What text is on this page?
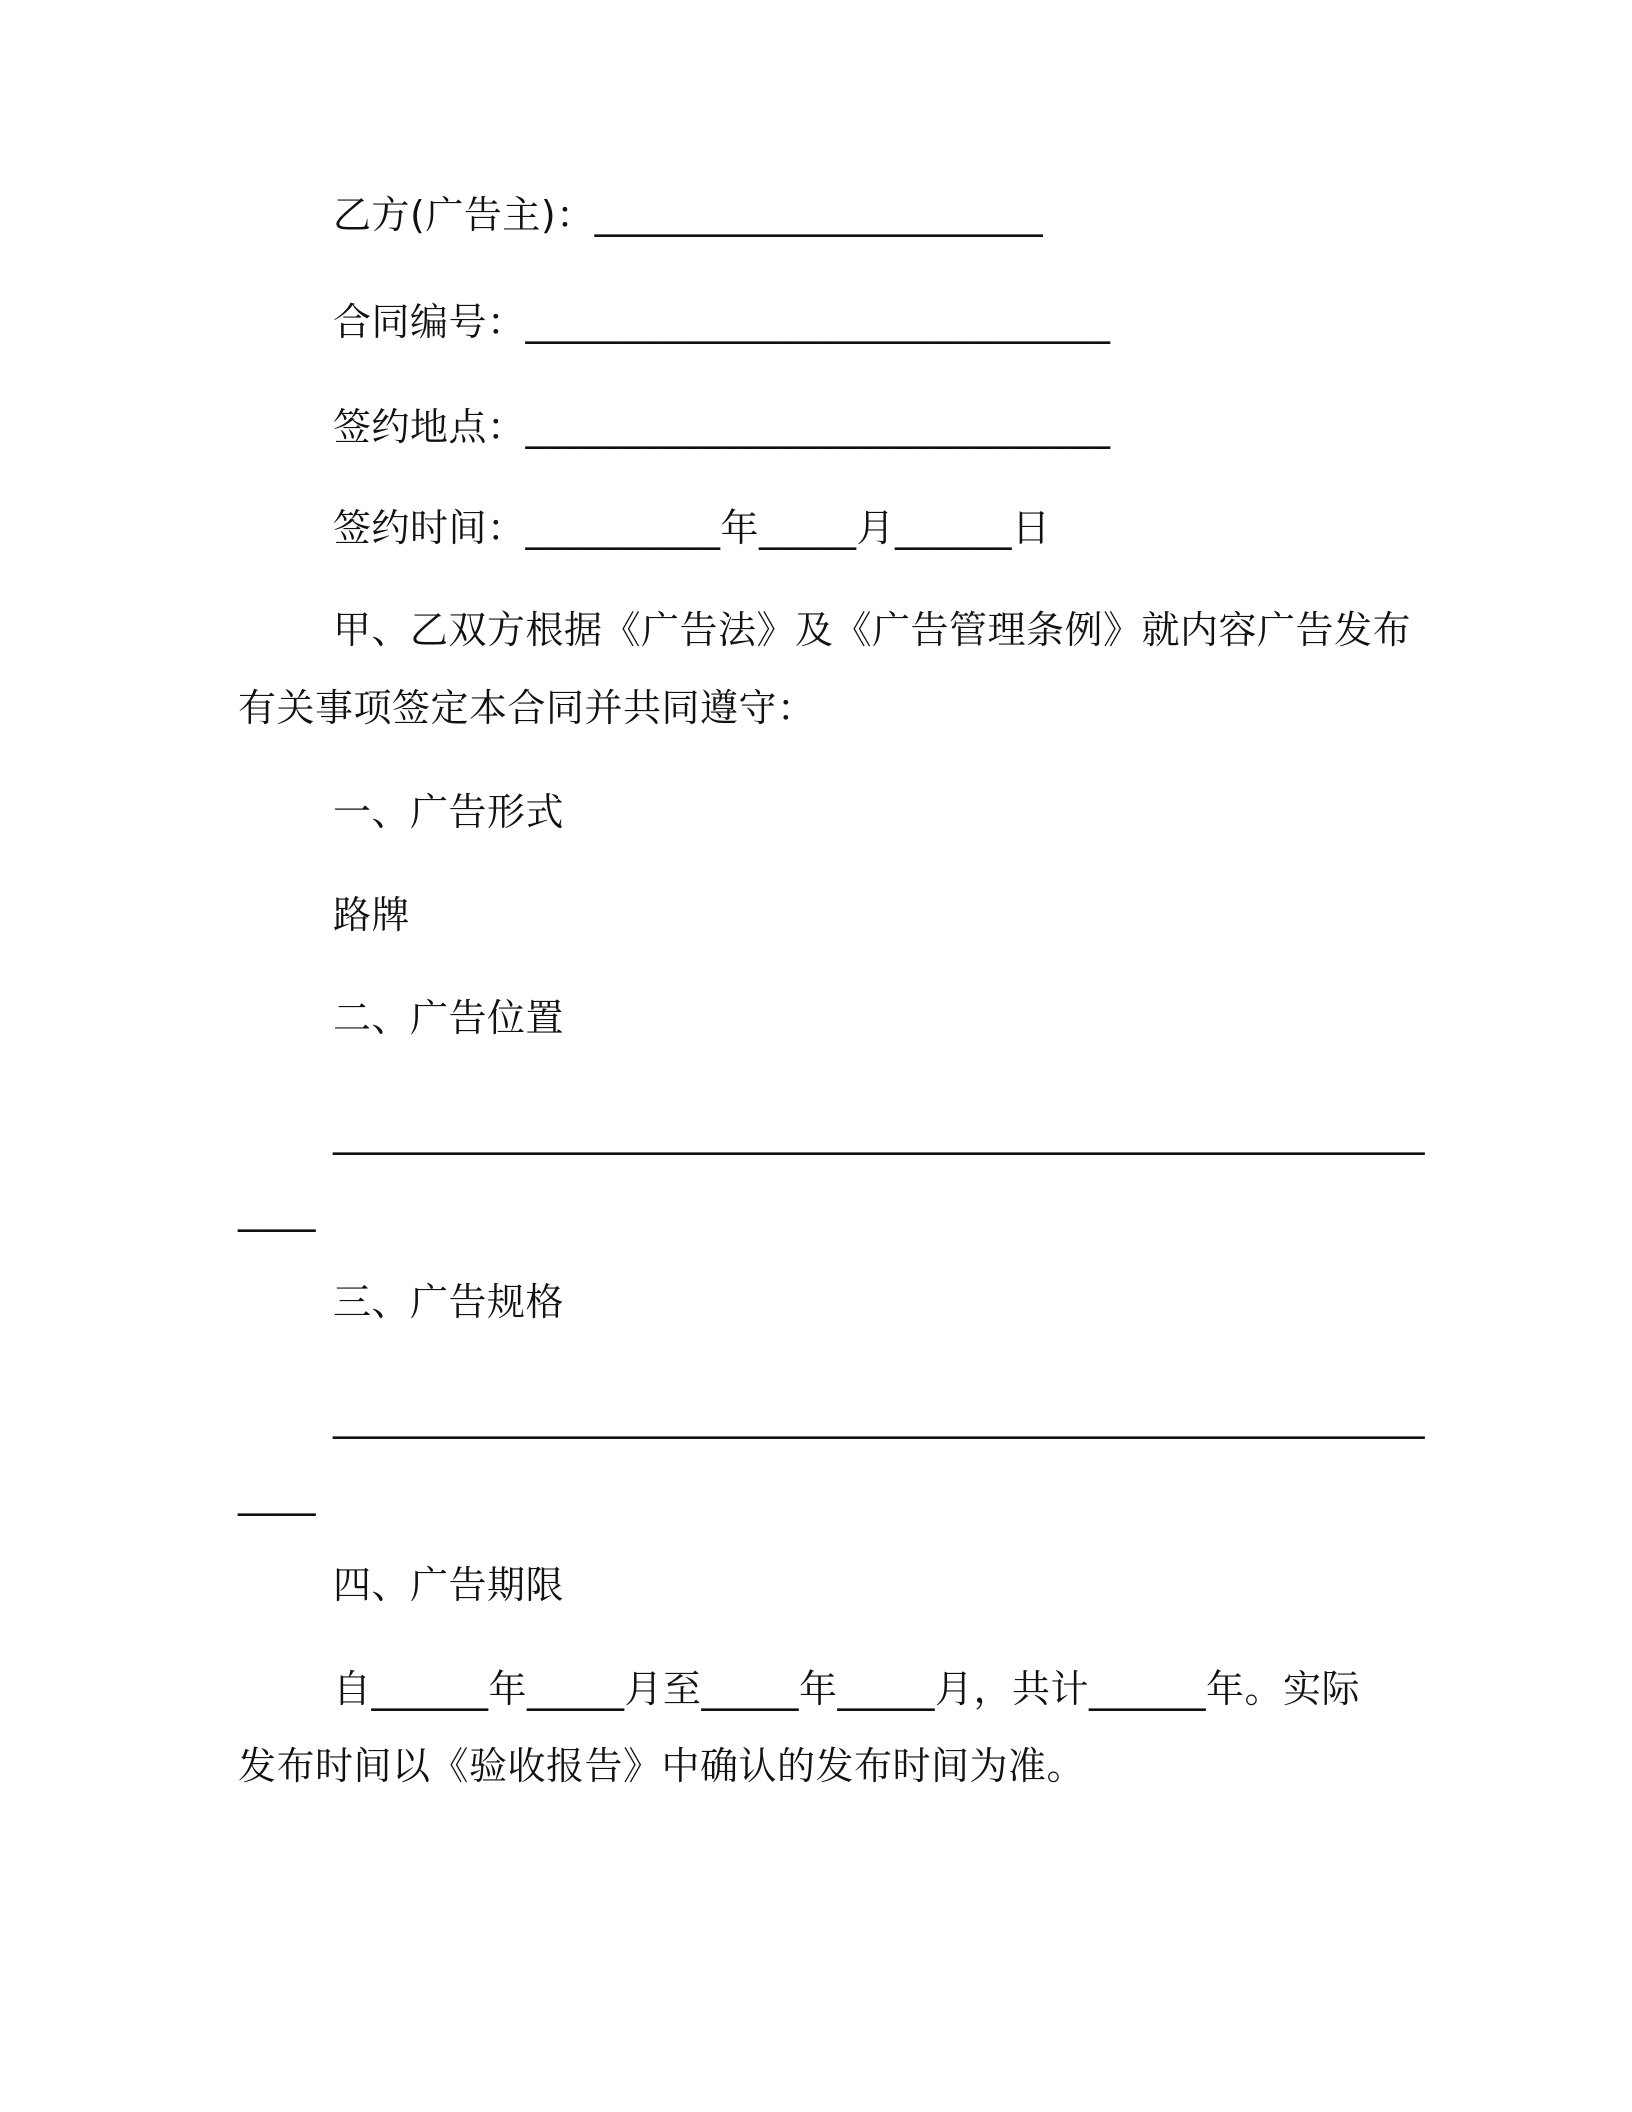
乙方(广告主)：_______________________
合同编号：______________________________
签约地点：______________________________
签约时间：__________年_____月______日
甲、乙双方根据《广告法》及《广告管理条例》就内容广告发布
有关事项签定本合同并共同遵守：
一、广告形式
路牌
二、广告位置
________________________________________________________
____
三、广告规格
________________________________________________________
____
四、广告期限
自______年_____月至_____年_____月，共计______年。实际
发布时间以《验收报告》中确认的发布时间为准。
